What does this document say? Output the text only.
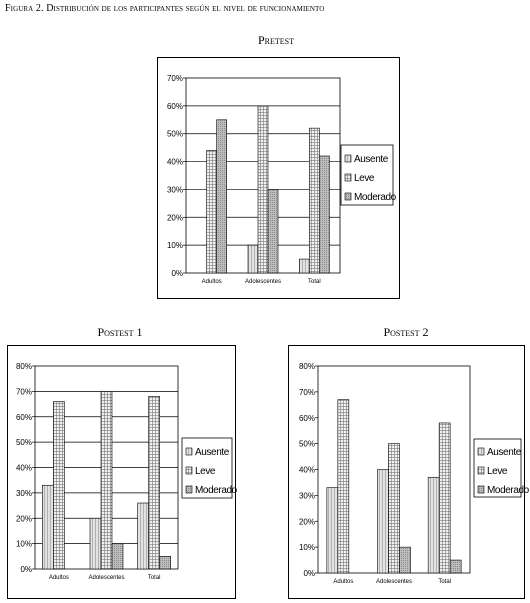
Figura 2. Distribución de los participantes según el nivel de funcionamiento
Pretest
0%
10%
20%
30%
40%
50%
60%
70%
Adultos	Adolescentes	Total
Ausente
Leve
Moderado
Postest 1
0%
10%
20%
30%
40%
50%
60%
70%
80%
Adultos	Adolescentes	Total
Ausente
Leve
Moderado
Postest 2
0%
10%
20%
30%
40%
50%
60%
70%
80%
Adultos	Adolescentes	Total
Ausente
Leve
Moderado
